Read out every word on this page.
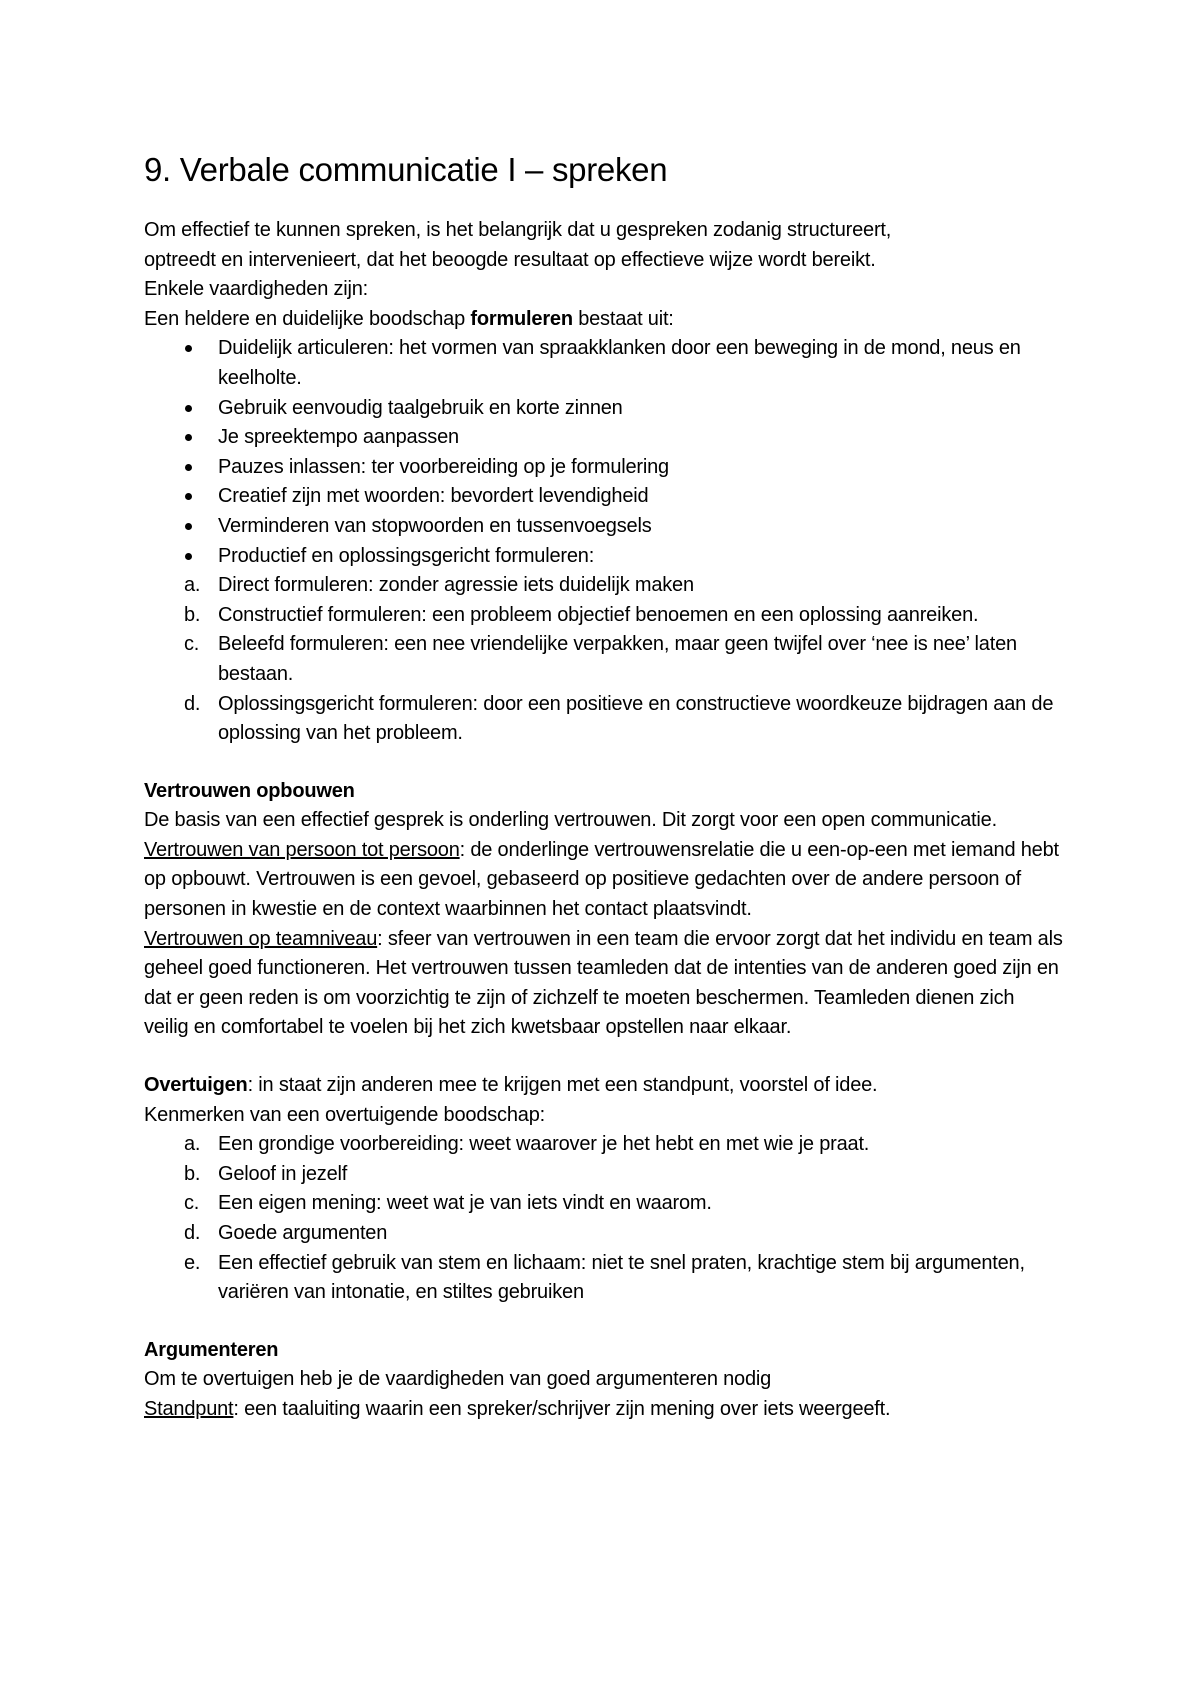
9. Verbale communicatie I – spreken

Om effectief te kunnen spreken, is het belangrijk dat u gespreken zodanig structureert,

optreedt en intervenieert, dat het beoogde resultaat op effectieve wijze wordt bereikt.

Enkele vaardigheden zijn:

Een heldere en duidelijke boodschap formuleren bestaat uit:

Duidelijk articuleren: het vormen van spraakklanken door een beweging in de mond, neus en keelholte.
Gebruik eenvoudig taalgebruik en korte zinnen
Je spreektempo aanpassen
Pauzes inlassen: ter voorbereiding op je formulering
Creatief zijn met woorden: bevordert levendigheid
Verminderen van stopwoorden en tussenvoegsels
Productief en oplossingsgericht formuleren:
a. Direct formuleren: zonder agressie iets duidelijk maken
b. Constructief formuleren: een probleem objectief benoemen en een oplossing aanreiken.
c. Beleefd formuleren: een nee vriendelijke verpakken, maar geen twijfel over ‘nee is nee’ laten bestaan.
d. Oplossingsgericht formuleren: door een positieve en constructieve woordkeuze bijdragen aan de oplossing van het probleem.

Vertrouwen opbouwen

De basis van een effectief gesprek is onderling vertrouwen. Dit zorgt voor een open communicatie.

Vertrouwen van persoon tot persoon: de onderlinge vertrouwensrelatie die u een-op-een met iemand hebt op opbouwt. Vertrouwen is een gevoel, gebaseerd op positieve gedachten over de andere persoon of personen in kwestie en de context waarbinnen het contact plaatsvindt.

Vertrouwen op teamniveau: sfeer van vertrouwen in een team die ervoor zorgt dat het individu en team als geheel goed functioneren. Het vertrouwen tussen teamleden dat de intenties van de anderen goed zijn en dat er geen reden is om voorzichtig te zijn of zichzelf te moeten beschermen. Teamleden dienen zich veilig en comfortabel te voelen bij het zich kwetsbaar opstellen naar elkaar.

Overtuigen: in staat zijn anderen mee te krijgen met een standpunt, voorstel of idee.

Kenmerken van een overtuigende boodschap:

a. Een grondige voorbereiding: weet waarover je het hebt en met wie je praat.
b. Geloof in jezelf
c. Een eigen mening: weet wat je van iets vindt en waarom.
d. Goede argumenten
e. Een effectief gebruik van stem en lichaam: niet te snel praten, krachtige stem bij argumenten, variëren van intonatie, en stiltes gebruiken

Argumenteren

Om te overtuigen heb je de vaardigheden van goed argumenteren nodig

Standpunt: een taaluiting waarin een spreker/schrijver zijn mening over iets weergeeft.
